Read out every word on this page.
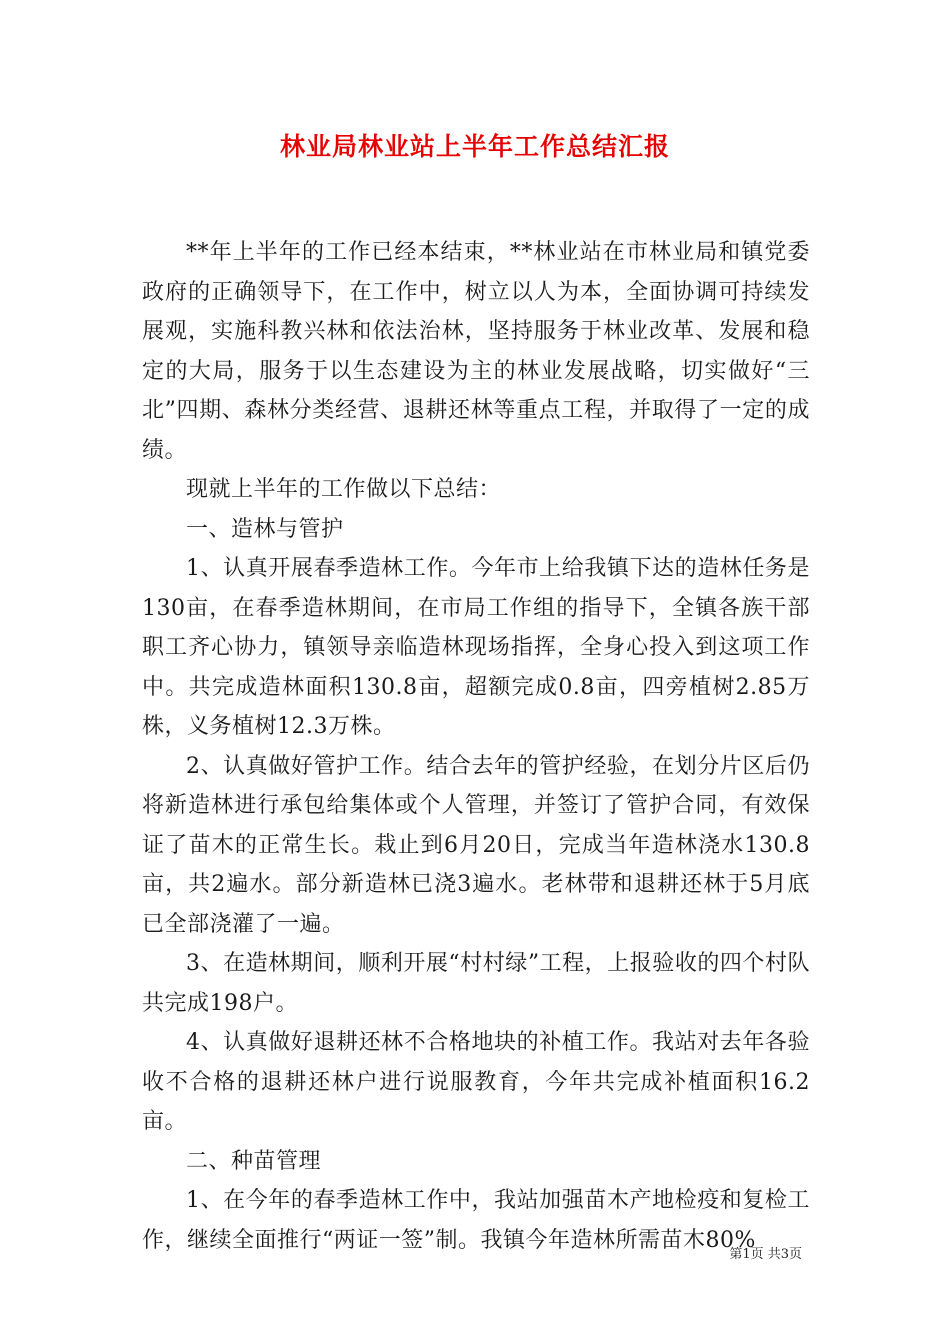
林业局林业站上半年工作总结汇报

**年上半年的工作已经本结束，**林业站在市林业局和镇党委政府的正确领导下，在工作中，树立以人为本，全面协调可持续发展观，实施科教兴林和依法治林，坚持服务于林业改革、发展和稳定的大局，服务于以生态建设为主的林业发展战略，切实做好“三北”四期、森林分类经营、退耕还林等重点工程，并取得了一定的成绩。

现就上半年的工作做以下总结：

一、造林与管护

1、认真开展春季造林工作。今年市上给我镇下达的造林任务是130亩，在春季造林期间，在市局工作组的指导下，全镇各族干部职工齐心协力，镇领导亲临造林现场指挥，全身心投入到这项工作中。共完成造林面积130.8亩，超额完成0.8亩，四旁植树2.85万株，义务植树12.3万株。

2、认真做好管护工作。结合去年的管护经验，在划分片区后仍将新造林进行承包给集体或个人管理，并签订了管护合同，有效保证了苗木的正常生长。栽止到6月20日，完成当年造林浇水130.8亩，共2遍水。部分新造林已浇3遍水。老林带和退耕还林于5月底已全部浇灌了一遍。

3、在造林期间，顺利开展“村村绿”工程，上报验收的四个村队共完成198户。

4、认真做好退耕还林不合格地块的补植工作。我站对去年各验收不合格的退耕还林户进行说服教育，今年共完成补植面积16.2亩。

二、种苗管理

1、在今年的春季造林工作中，我站加强苗木产地检疫和复检工作，继续全面推行“两证一签”制。我镇今年造林所需苗木80%

第1页 共3页
